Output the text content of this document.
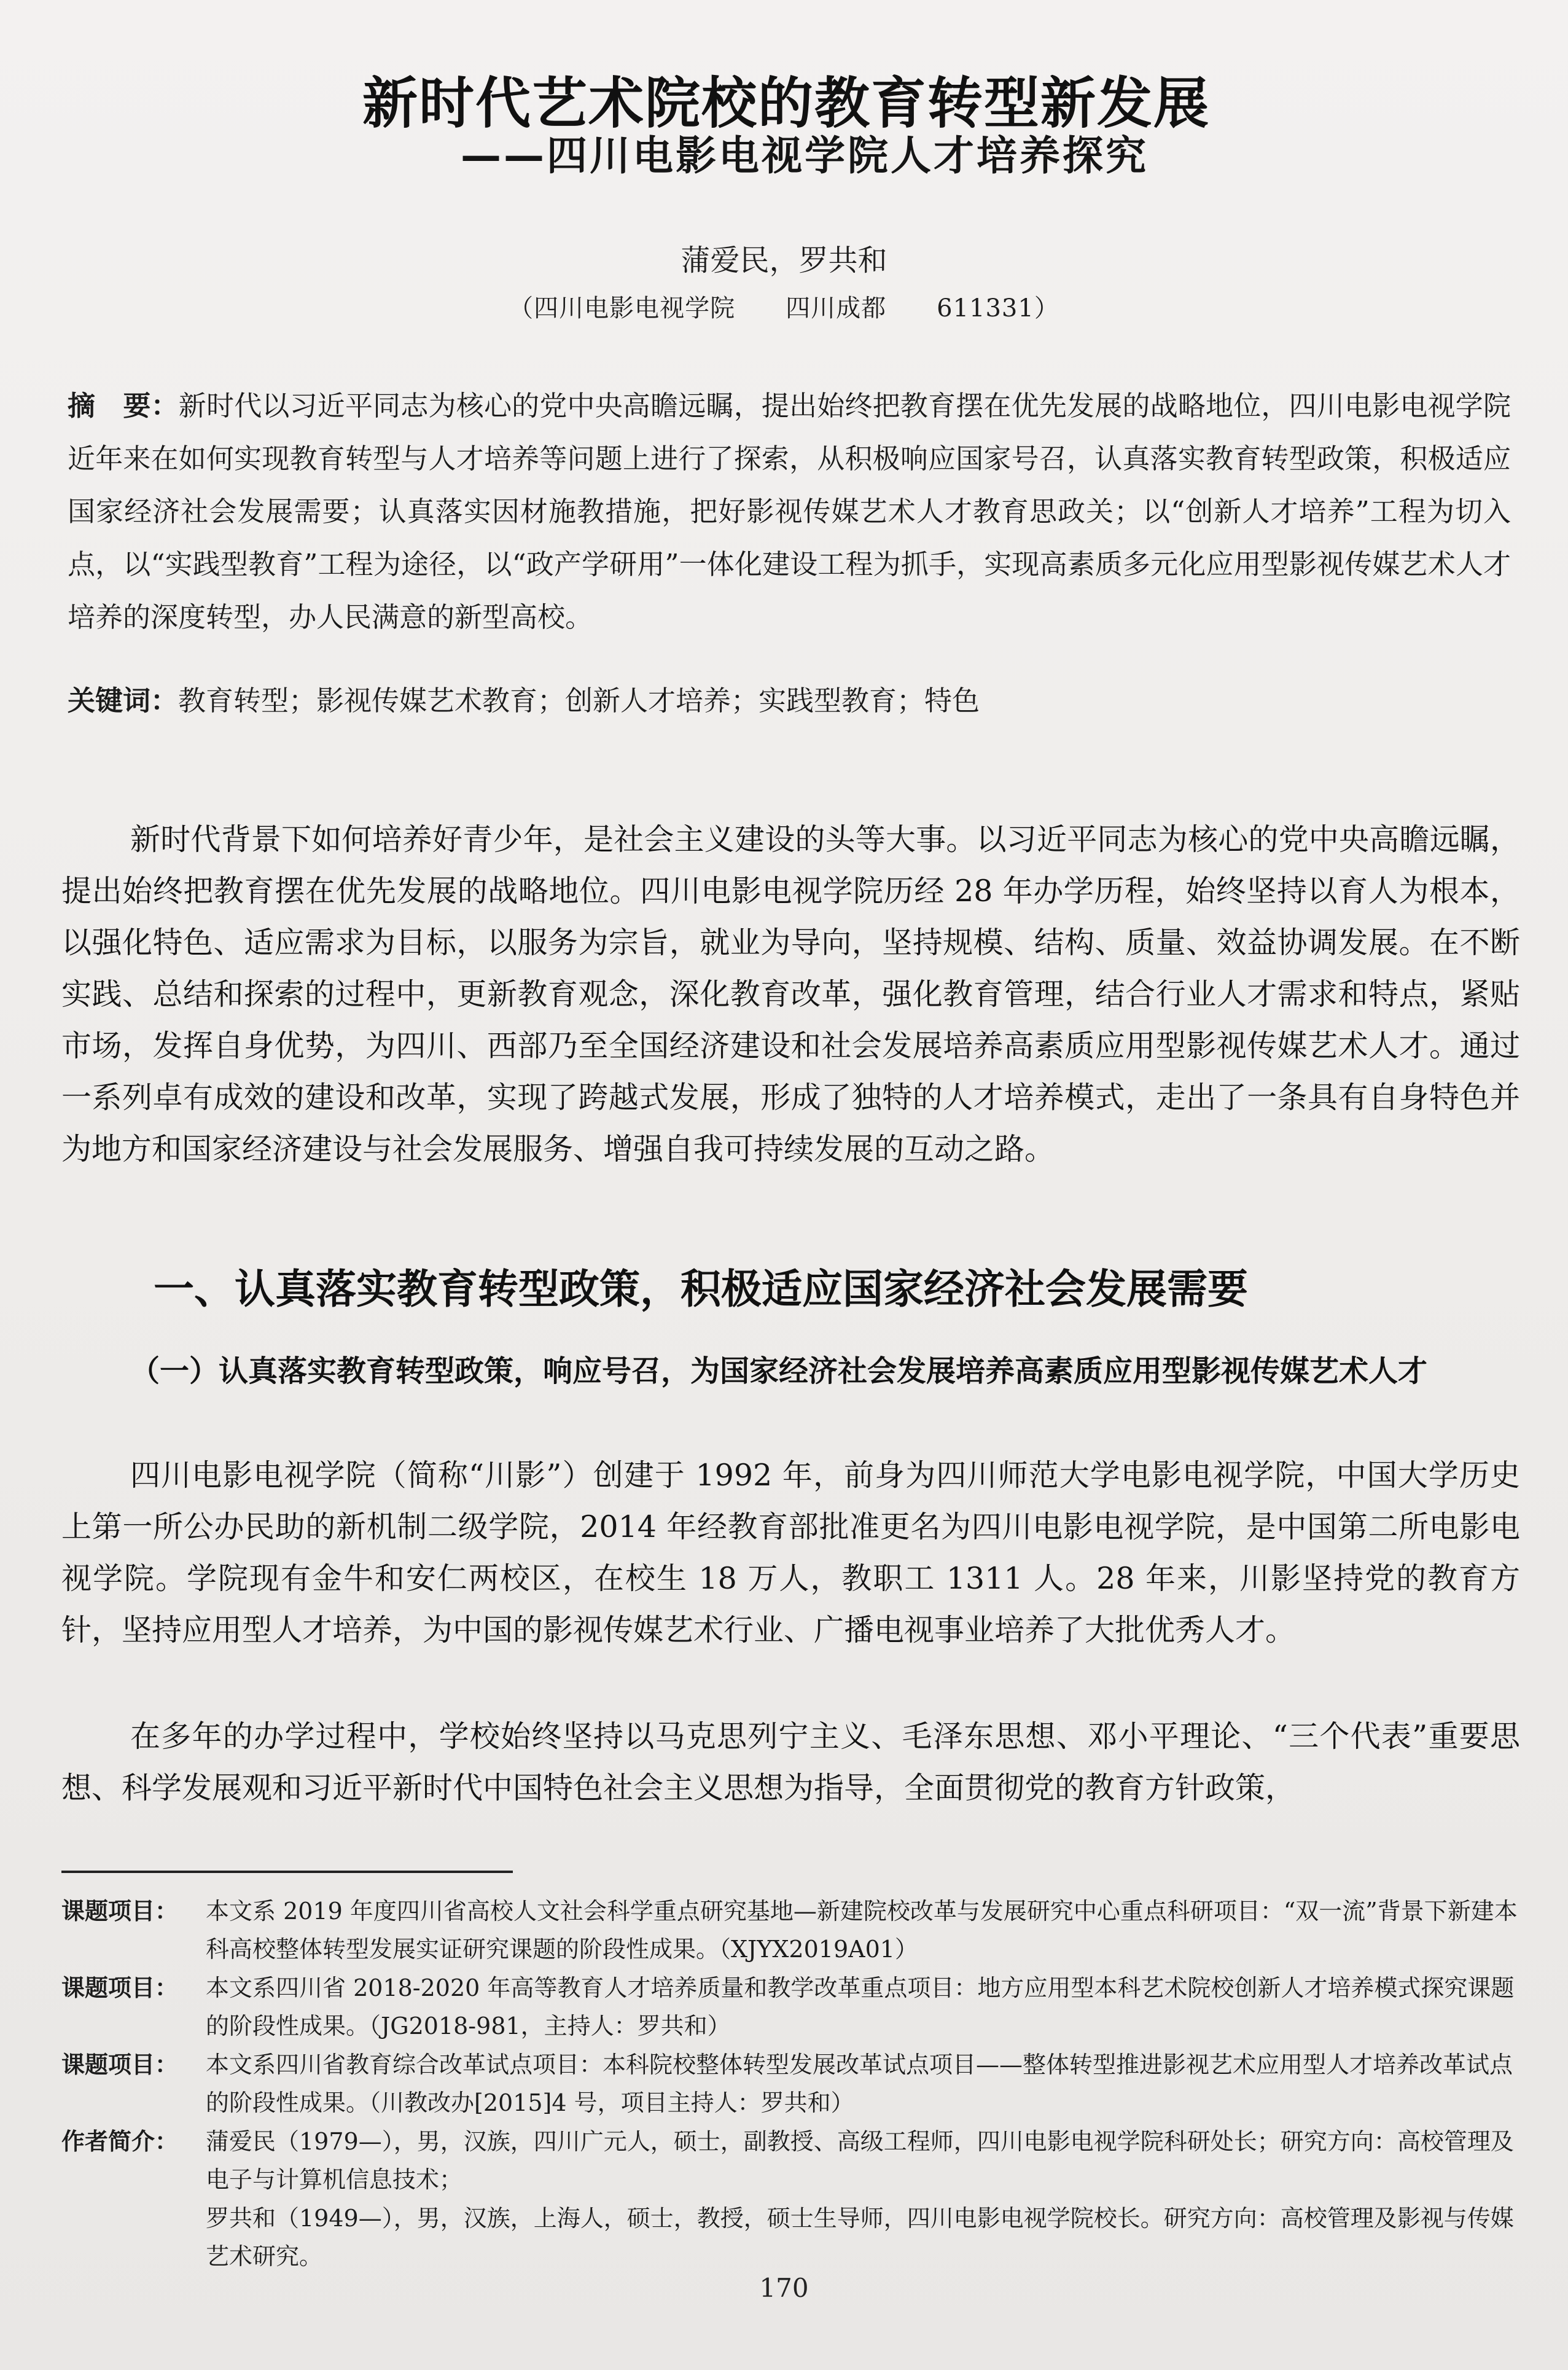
新时代艺术院校的教育转型新发展
——四川电影电视学院人才培养探究
蒲爱民，罗共和
（四川电影电视学院　　四川成都　　611331）
摘　要：新时代以习近平同志为核心的党中央高瞻远瞩，提出始终把教育摆在优先发展的战略地位，四川电影电视学院近年来在如何实现教育转型与人才培养等问题上进行了探索，从积极响应国家号召，认真落实教育转型政策，积极适应国家经济社会发展需要；认真落实因材施教措施，把好影视传媒艺术人才教育思政关；以“创新人才培养”工程为切入点，以“实践型教育”工程为途径，以“政产学研用”一体化建设工程为抓手，实现高素质多元化应用型影视传媒艺术人才培养的深度转型，办人民满意的新型高校。
关键词：教育转型；影视传媒艺术教育；创新人才培养；实践型教育；特色
新时代背景下如何培养好青少年，是社会主义建设的头等大事。以习近平同志为核心的党中央高瞻远瞩，提出始终把教育摆在优先发展的战略地位。四川电影电视学院历经 28 年办学历程，始终坚持以育人为根本，以强化特色、适应需求为目标，以服务为宗旨，就业为导向，坚持规模、结构、质量、效益协调发展。在不断实践、总结和探索的过程中，更新教育观念，深化教育改革，强化教育管理，结合行业人才需求和特点，紧贴市场，发挥自身优势，为四川、西部乃至全国经济建设和社会发展培养高素质应用型影视传媒艺术人才。通过一系列卓有成效的建设和改革，实现了跨越式发展，形成了独特的人才培养模式，走出了一条具有自身特色并为地方和国家经济建设与社会发展服务、增强自我可持续发展的互动之路。
一、认真落实教育转型政策，积极适应国家经济社会发展需要
（一）认真落实教育转型政策，响应号召，为国家经济社会发展培养高素质应用型影视传媒艺术人才
四川电影电视学院（简称“川影”）创建于 1992 年，前身为四川师范大学电影电视学院，中国大学历史上第一所公办民助的新机制二级学院，2014 年经教育部批准更名为四川电影电视学院，是中国第二所电影电视学院。学院现有金牛和安仁两校区，在校生 18 万人，教职工 1311 人。28 年来，川影坚持党的教育方针，坚持应用型人才培养，为中国的影视传媒艺术行业、广播电视事业培养了大批优秀人才。
在多年的办学过程中，学校始终坚持以马克思列宁主义、毛泽东思想、邓小平理论、“三个代表”重要思想、科学发展观和习近平新时代中国特色社会主义思想为指导，全面贯彻党的教育方针政策，
课题项目：	本文系 2019 年度四川省高校人文社会科学重点研究基地—新建院校改革与发展研究中心重点科研项目：“双一流”背景下新建本科高校整体转型发展实证研究课题的阶段性成果。（XJYX2019A01）
课题项目：	本文系四川省 2018-2020 年高等教育人才培养质量和教学改革重点项目：地方应用型本科艺术院校创新人才培养模式探究课题的阶段性成果。（JG2018-981，主持人：罗共和）
课题项目：	本文系四川省教育综合改革试点项目：本科院校整体转型发展改革试点项目——整体转型推进影视艺术应用型人才培养改革试点的阶段性成果。（川教改办[2015]4 号，项目主持人：罗共和）
作者简介：	蒲爱民（1979—），男，汉族，四川广元人，硕士，副教授、高级工程师，四川电影电视学院科研处长；研究方向：高校管理及电子与计算机信息技术；
罗共和（1949—），男，汉族，上海人，硕士，教授，硕士生导师，四川电影电视学院校长。研究方向：高校管理及影视与传媒艺术研究。
170
